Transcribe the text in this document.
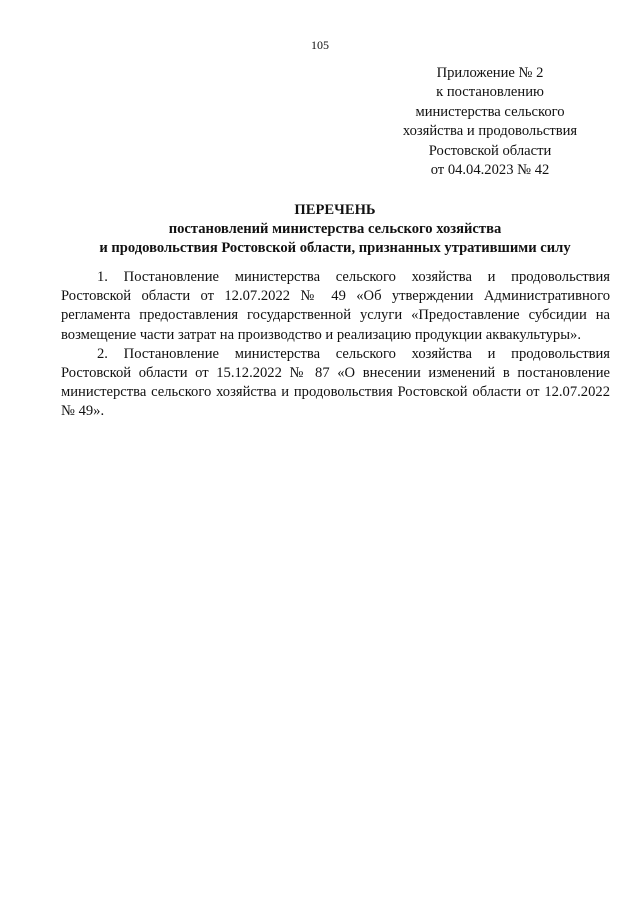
105
Приложение № 2
к постановлению
министерства сельского
хозяйства и продовольствия
Ростовской области
от 04.04.2023 № 42
ПЕРЕЧЕНЬ
постановлений министерства сельского хозяйства
и продовольствия Ростовской области, признанных утратившими силу

1. Постановление министерства сельского хозяйства и продовольствия Ростовской области от 12.07.2022 № 49 «Об утверждении Административного регламента предоставления государственной услуги «Предоставление субсидии на возмещение части затрат на производство и реализацию продукции аквакультуры».

2. Постановление министерства сельского хозяйства и продовольствия Ростовской области от 15.12.2022 № 87 «О внесении изменений в постановление министерства сельского хозяйства и продовольствия Ростовской области от 12.07.2022 № 49».
